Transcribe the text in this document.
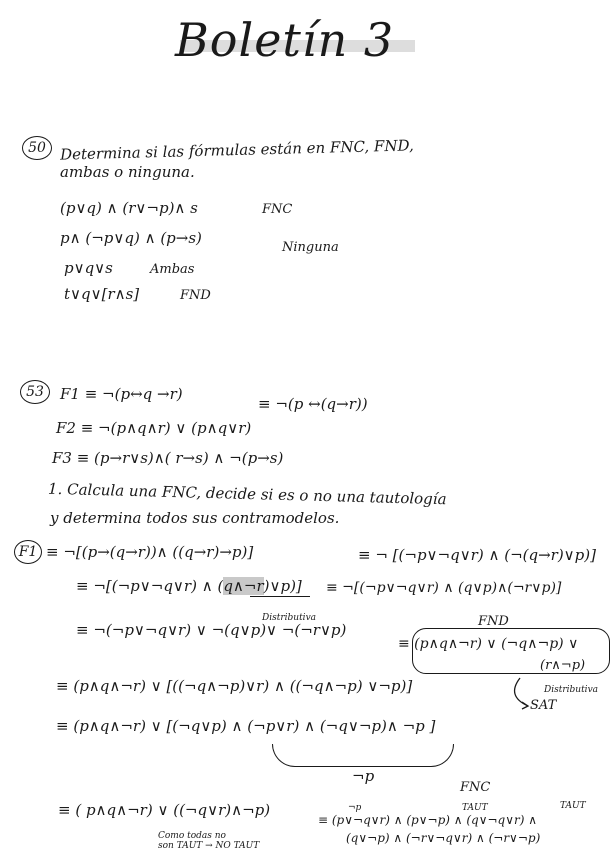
Boletín 3
50 Determina si las fórmulas están en FNC, FND,
ambas o ninguna.
(p∨q) ∧ (r∨¬p)∧ s	FNC
p∧ (¬p∨q) ∧ (p→s)
Ninguna
p∨q∨s	Ambas
t∨q∨[r∧s]	FND
53	F1 ≡ ¬(p↔q →r)
≡ ¬(p ↔(q→r))
F2 ≡ ¬(p∧q∧r) ∨ (p∧q∨r)
F3 ≡ (p→r∨s)∧( r→s) ∧ ¬(p→s)
1. Calcula una FNC, decide si es o no una tautología
y determina todos sus contramodelos.
F1 ≡ ¬[(p→(q→r))∧ ((q→r)→p)]	≡ ¬ [(¬p∨¬q∨r) ∧ (¬(q→r)∨p)]
≡ ¬[(¬p∨¬q∨r) ∧ (q∧¬r)∨p)] ≡ ¬[(¬p∨¬q∨r) ∧ (q∨p)∧(¬r∨p)]
Distributiva
≡ ¬(¬p∨¬q∨r) ∨ ¬(q∨p)∨ ¬(¬r∨p)
≡ (p∧q∧¬r) ∨ (¬q∧¬p) ∨
(r∧¬p)
FND
Distributiva
SAT
≡ (p∧q∧¬r) ∨ [((¬q∧¬p)∨r) ∧ ((¬q∧¬p) ∨¬p)]
≡ (p∧q∧¬r) ∨ [(¬q∨p) ∧ (¬p∨r) ∧ (¬q∨¬p)∧ ¬p ]
¬p
FNC
≡ ( p∧q∧¬r) ∨ ((¬q∨r)∧¬p)	¬p	TAUT	TAUT
≡ (p∨¬q∨r) ∧ (p∨¬p) ∧ (q∨¬q∨r) ∧
(q∨¬p) ∧ (¬r∨¬q∨r) ∧ (¬r∨¬p)
Como todas no
son TAUT → NO TAUT
